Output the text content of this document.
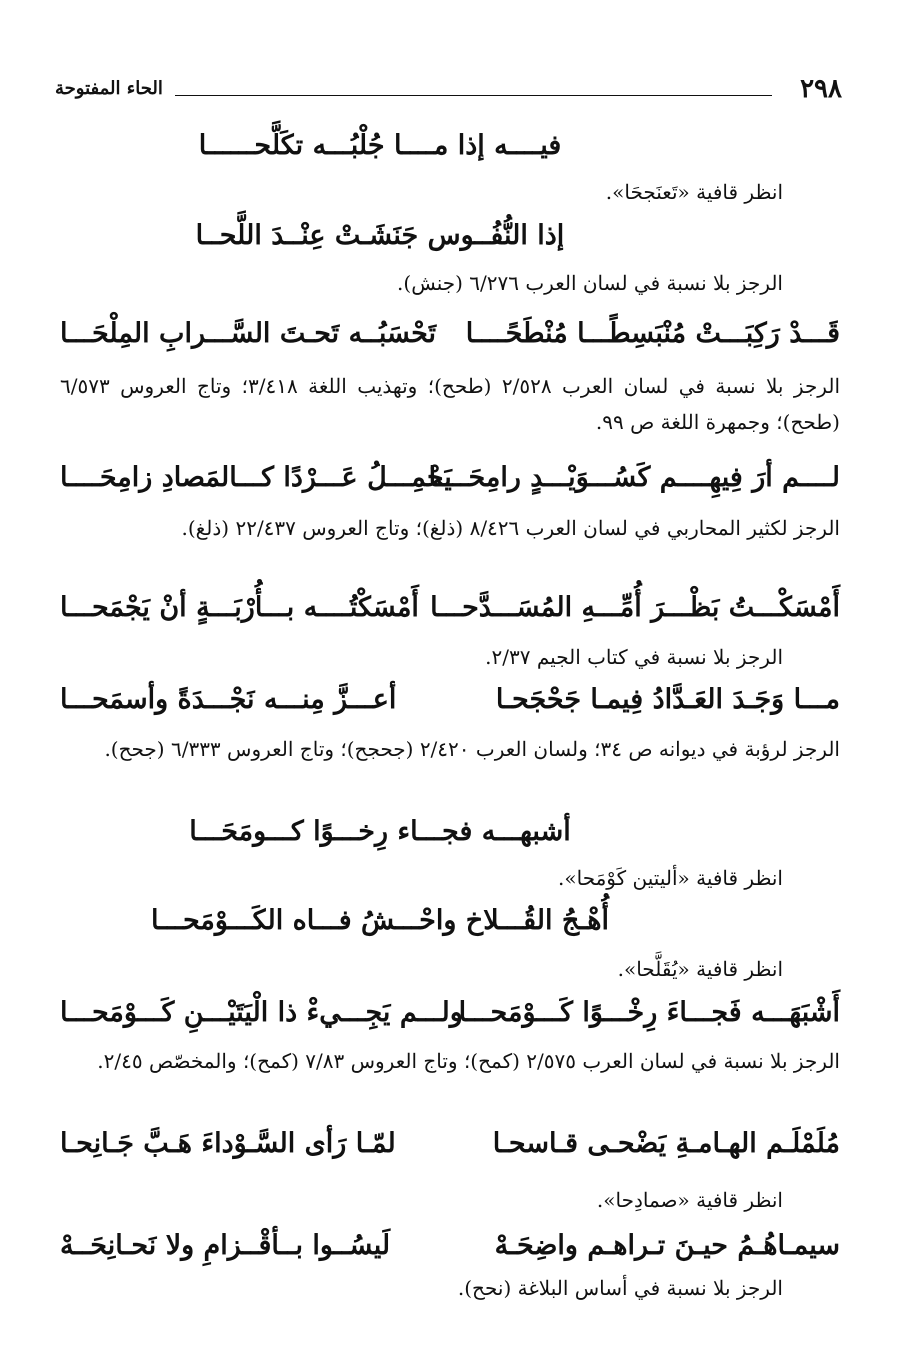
الحاء المفتوحة	٢٩٨
فيــــه إذا مــــا جُلْبُـــه تكَلَّحــــــا
انظر قافية «تَعنَجحَا».
إذا النُّفُــوس جَنَشَـتْ عِنْــدَ اللَّحــا
الرجز بلا نسبة في لسان العرب ٦/٢٧٦ (جنش).
قَـــدْ رَكِبَـــتْ مُنْبَسِطًـــا مُنْطَحًــــا
تَحْسَبُــه تَحـتَ السَّـــرابِ المِلْحَـــا
الرجز بلا نسبة في لسان العرب ٢/٥٢٨ (طحح)؛ وتهذيب اللغة ٣/٤١٨؛ وتاج العروس ٦/٥٧٣ (طحح)؛ وجمهرة اللغة ص ٩٩.
لــــم أرَ فِيهِــــم كَسُـــوَيْـــدٍ رامِحَــــا
يَحْمِـــلُ عَـــرْدًا كـــالمَصادِ زامِحَــــا
الرجز لكثير المحاربي في لسان العرب ٨/٤٢٦ (ذلغ)؛ وتاج العروس ٢٢/٤٣٧ (ذلغ).
أَمْسَكْـــتُ بَظْـــرَ أُمِّـــهِ المُسَـــدَّحـــا
أَمْسَكْتُــــه بـــأُرْبَـــةٍ أنْ يَجْمَحـــا
الرجز بلا نسبة في كتاب الجيم ٢/٣٧.
مـــا وَجَـدَ العَـدَّادُ فِيمـا جَحْجَحـا
أعـــزَّ مِنـــه نَجْـــدَةً وأسمَحـــا
الرجز لرؤبة في ديوانه ص ٣٤؛ ولسان العرب ٢/٤٢٠ (جحجح)؛ وتاج العروس ٦/٣٣٣ (جحح).
أشبهـــه فجـــاء رِخـــوًا كـــومَحَـــا
انظر قافية «أليتين كَوْمَحا».
أُهْـجُ القُـــلاخ واحْـــشُ فـــاه الكَـــوْمَحـــا
انظر قافية «يُقَلَّحا».
أَشْبَهَـــه فَجـــاءَ رِخْـــوًا كَـــوْمَحـــا
ولـــم يَجِـــيءْ ذا الْيَتَيْـــنِ كَـــوْمَحـــا
الرجز بلا نسبة في لسان العرب ٢/٥٧٥ (كمح)؛ وتاج العروس ٧/٨٣ (كمح)؛ والمخصّص ٢/٤٥.
مُلَمْلَـم الهـامـةِ يَضْحـى قـاسحـا
لمّـا رَأى السَّـوْداءَ هَـبَّ جَـانِحـا
انظر قافية «صمادِحا».
سيمـاهُـمُ حيـنَ تـراهـم واضِحَـهْ
لَيسُــوا بــأقْــزامِ ولا نَحـانِحَــهْ
الرجز بلا نسبة في أساس البلاغة (نحح).
